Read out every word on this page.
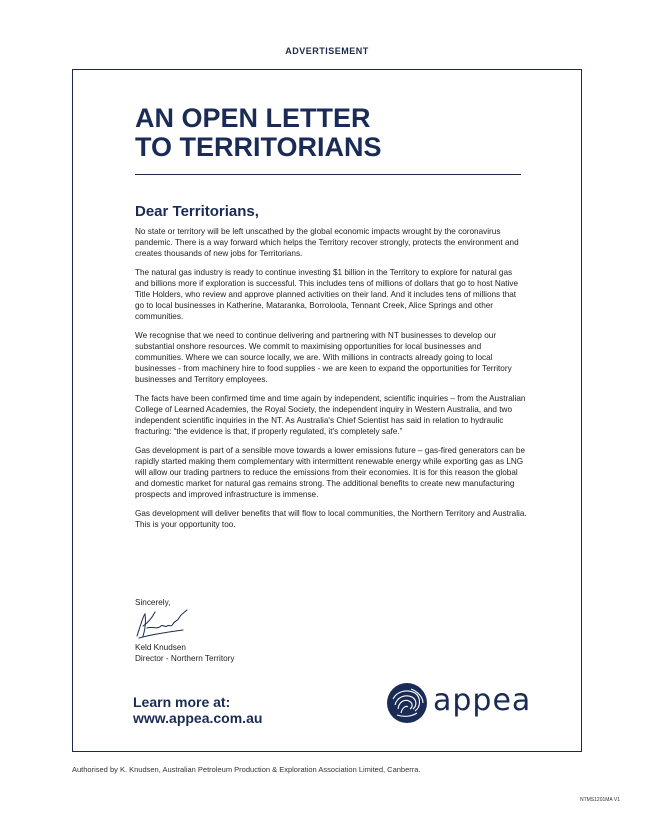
ADVERTISEMENT
AN OPEN LETTER
TO TERRITORIANS
Dear Territorians,

No state or territory will be left unscathed by the global economic impacts wrought by the coronavirus pandemic. There is a way forward which helps the Territory recover strongly, protects the environment and creates thousands of new jobs for Territorians.

The natural gas industry is ready to continue investing $1 billion in the Territory to explore for natural gas and billions more if exploration is successful. This includes tens of millions of dollars that go to host Native Title Holders, who review and approve planned activities on their land. And it includes tens of millions that go to local businesses in Katherine, Mataranka, Borroloola, Tennant Creek, Alice Springs and other communities.

We recognise that we need to continue delivering and partnering with NT businesses to develop our substantial onshore resources. We commit to maximising opportunities for local businesses and communities. Where we can source locally, we are. With millions in contracts already going to local businesses - from machinery hire to food supplies - we are keen to expand the opportunities for Territory businesses and Territory employees.

The facts have been confirmed time and time again by independent, scientific inquiries – from the Australian College of Learned Academies, the Royal Society, the independent inquiry in Western Australia, and two independent scientific inquiries in the NT. As Australia's Chief Scientist has said in relation to hydraulic fracturing: “the evidence is that, if properly regulated, it's completely safe.”

Gas development is part of a sensible move towards a lower emissions future – gas-fired generators can be rapidly started making them complementary with intermittent renewable energy while exporting gas as LNG will allow our trading partners to reduce the emissions from their economies. It is for this reason the global and domestic market for natural gas remains strong. The additional benefits to create new manufacturing prospects and improved infrastructure is immense.

Gas development will deliver benefits that will flow to local communities, the Northern Territory and Australia. This is your opportunity too.

Sincerely,
Keld Knudsen
Director - Northern Territory
Learn more at:
www.appea.com.au	appea
Authorised by K. Knudsen, Australian Petroleum Production & Exploration Association Limited, Canberra.
NTMS1201MA V1
